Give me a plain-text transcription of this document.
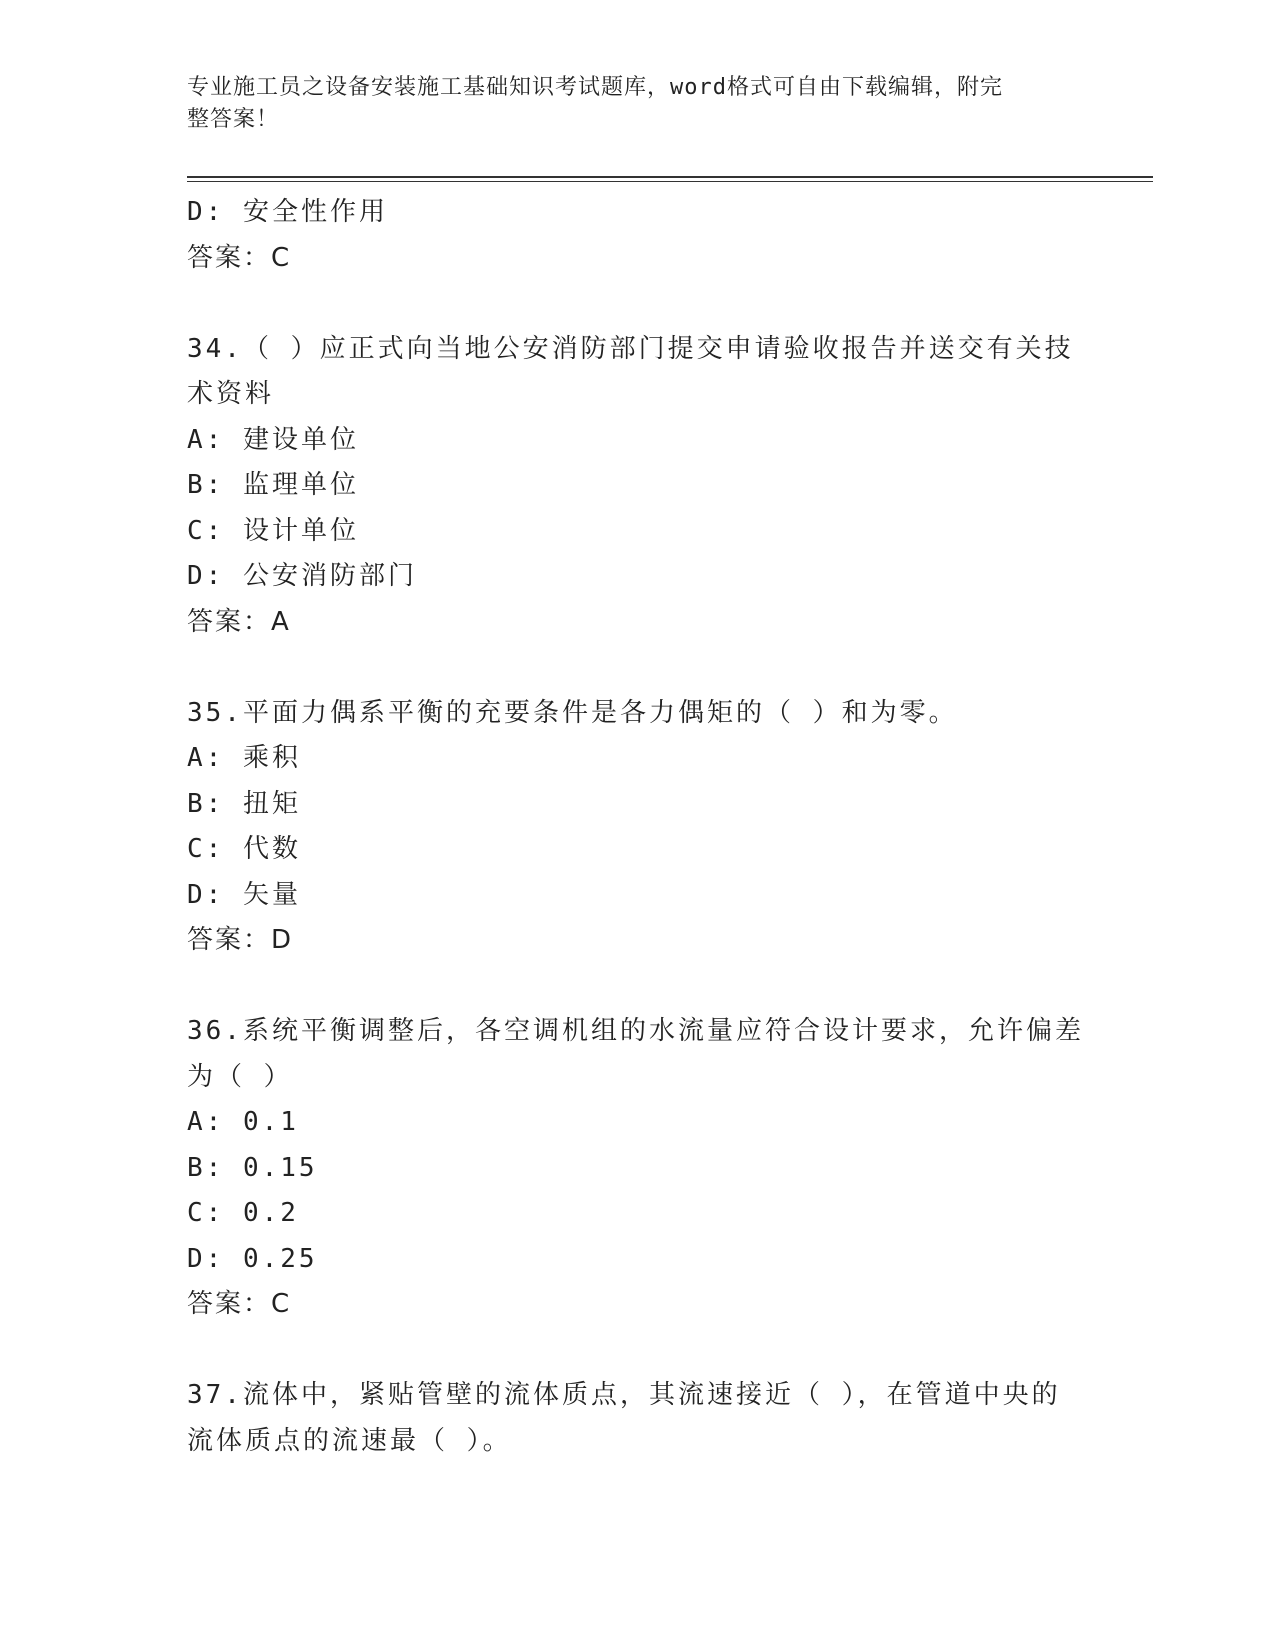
专业施工员之设备安装施工基础知识考试题库，word格式可自由下载编辑，附完
整答案！
D: 安全性作用
答案：C
34.（ ）应正式向当地公安消防部门提交申请验收报告并送交有关技
术资料
A: 建设单位
B: 监理单位
C: 设计单位
D: 公安消防部门
答案：A
35.平面力偶系平衡的充要条件是各力偶矩的（ ）和为零。
A: 乘积
B: 扭矩
C: 代数
D: 矢量
答案：D
36.系统平衡调整后，各空调机组的水流量应符合设计要求，允许偏差
为（ ）
A: 0.1
B: 0.15
C: 0.2
D: 0.25
答案：C
37.流体中，紧贴管壁的流体质点，其流速接近（ ），在管道中央的
流体质点的流速最（ ）。
